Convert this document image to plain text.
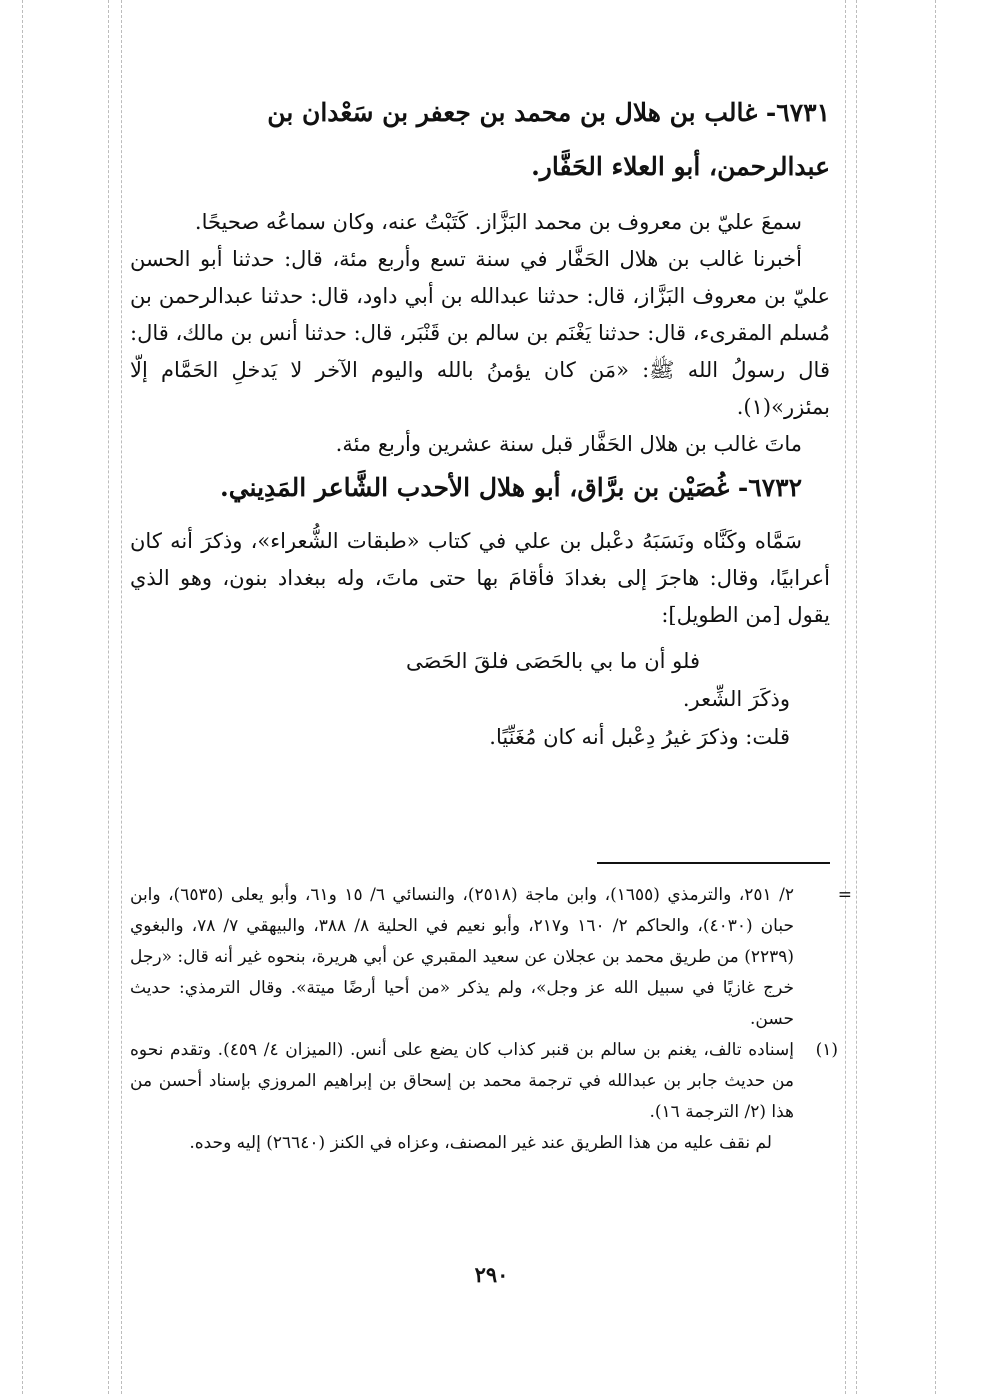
٦٧٣١- غالب بن هلال بن محمد بن جعفر بن سَعْدان بن

عبدالرحمن، أبو العلاء الحَفَّار.

سمعَ عليّ بن معروف بن محمد البَزَّاز. كَتَبْتُ عنه، وكان سماعُه صحيحًا.

أخبرنا غالب بن هلال الحَفَّار في سنة تسع وأربع مئة، قال: حدثنا أبو الحسن عليّ بن معروف البَزَّاز، قال: حدثنا عبدالله بن أبي داود، قال: حدثنا عبدالرحمن بن مُسلم المقرىء، قال: حدثنا يَغْنَم بن سالم بن قَنْبَر، قال: حدثنا أنس بن مالك، قال: قال رسولُ الله ﷺ: «مَن كان يؤمنُ بالله واليوم الآخر لا يَدخلِ الحَمَّام إلّا بمئزر»(١).

ماتَ غالب بن هلال الحَفَّار قبل سنة عشرين وأربع مئة.

٦٧٣٢- غُصَيْن بن برَّاق، أبو هلال الأحدب الشَّاعر المَدِيني.

سَمَّاه وكَنَّاه ونَسَبَهُ دعْبل بن علي في كتاب «طبقات الشُّعراء»، وذكرَ أنه كان أعرابيًا، وقال: هاجرَ إلى بغدادَ فأقامَ بها حتى ماتَ، وله ببغداد بنون، وهو الذي يقول [من الطويل]:

فلو أن ما بي بالحَصَى فلقَ الحَصَى
وذكَرَ الشِّعر.
قلت: وذكرَ غيرُ دِعْبل أنه كان مُغَنِّيًا.

=
٢/ ٢٥١، والترمذي (١٦٥٥)، وابن ماجة (٢٥١٨)، والنسائي ٦/ ١٥ و٦١، وأبو يعلى (٦٥٣٥)، وابن حبان (٤٠٣٠)، والحاكم ٢/ ١٦٠ و٢١٧، وأبو نعيم في الحلية ٨/ ٣٨٨، والبيهقي ٧/ ٧٨، والبغوي (٢٢٣٩) من طريق محمد بن عجلان عن سعيد المقبري عن أبي هريرة، بنحوه غير أنه قال: «رجل خرج غازيًا في سبيل الله عز وجل»، ولم يذكر «من أحيا أرضًا ميتة». وقال الترمذي: حديث حسن.

(١)
إسناده تالف، يغنم بن سالم بن قنبر كذاب كان يضع على أنس. (الميزان ٤/ ٤٥٩). وتقدم نحوه من حديث جابر بن عبدالله في ترجمة محمد بن إسحاق بن إبراهيم المروزي بإسناد أحسن من هذا (٢/ الترجمة ١٦).

لم نقف عليه من هذا الطريق عند غير المصنف، وعزاه في الكنز (٢٦٦٤٠) إليه وحده.

٢٩٠
